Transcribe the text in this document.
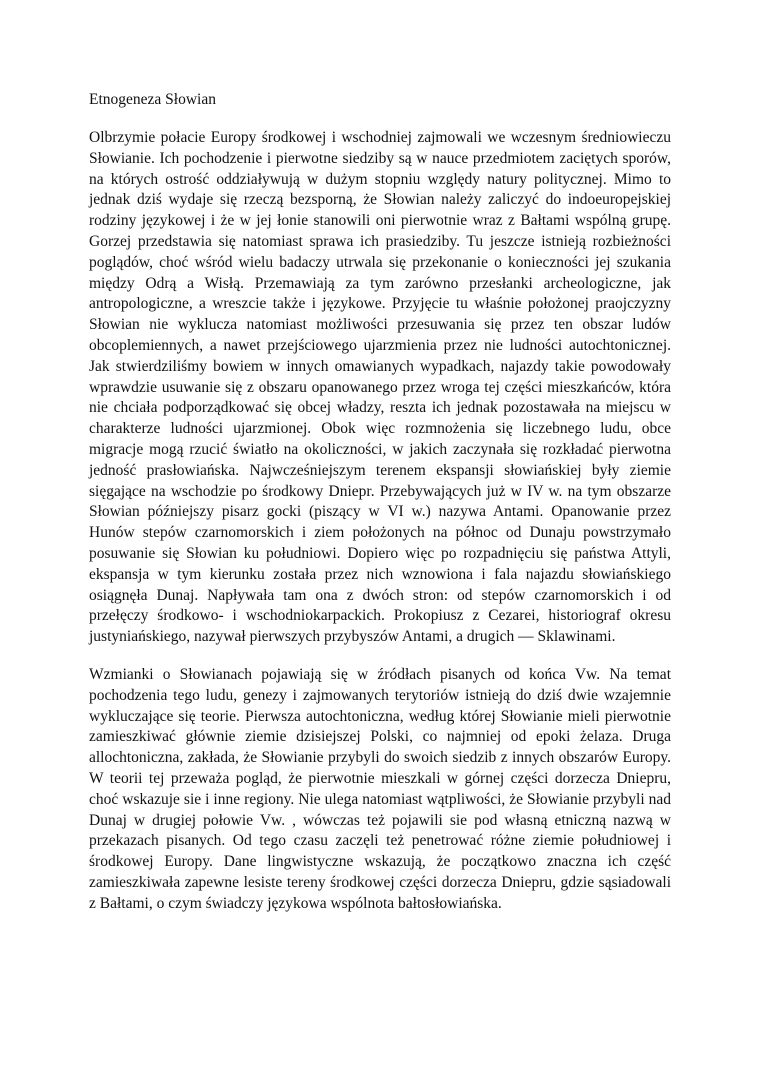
Etnogeneza Słowian

Olbrzymie połacie Europy środkowej i wschodniej zajmowali we wczesnym średniowieczu Słowianie. Ich pochodzenie i pierwotne siedziby są w nauce przedmiotem zaciętych sporów, na których ostrość oddziaływują w dużym stopniu względy natury politycznej. Mimo to jednak dziś wydaje się rzeczą bezsporną, że Słowian należy zaliczyć do indoeuropejskiej rodziny językowej i że w jej łonie stanowili oni pierwotnie wraz z Bałtami wspólną grupę. Gorzej przedstawia się natomiast sprawa ich prasiedziby. Tu jeszcze istnieją rozbieżności poglądów, choć wśród wielu badaczy utrwala się przekonanie o konieczności jej szukania między Odrą a Wisłą. Przemawiają za tym zarówno przesłanki archeologiczne, jak antropologiczne, a wreszcie także i językowe. Przyjęcie tu właśnie położonej praojczyzny Słowian nie wyklucza natomiast możliwości przesuwania się przez ten obszar ludów obcoplemiennych, a nawet przejściowego ujarzmienia przez nie ludności autochtonicznej. Jak stwierdziliśmy bowiem w innych omawianych wypadkach, najazdy takie powodowały wprawdzie usuwanie się z obszaru opanowanego przez wroga tej części mieszkańców, która nie chciała podporządkować się obcej władzy, reszta ich jednak pozostawała na miejscu w charakterze ludności ujarzmionej. Obok więc rozmnożenia się liczebnego ludu, obce migracje mogą rzucić światło na okoliczności, w jakich zaczynała się rozkładać pierwotna jedność prasłowiańska. Najwcześniejszym terenem ekspansji słowiańskiej były ziemie sięgające na wschodzie po środkowy Dniepr. Przebywających już w IV w. na tym obszarze Słowian późniejszy pisarz gocki (piszący w VI w.) nazywa Antami. Opanowanie przez Hunów stepów czarnomorskich i ziem położonych na północ od Dunaju powstrzymało posuwanie się Słowian ku południowi. Dopiero więc po rozpadnięciu się państwa Attyli, ekspansja w tym kierunku została przez nich wznowiona i fala najazdu słowiańskiego osiągnęła Dunaj. Napływała tam ona z dwóch stron: od stepów czarnomorskich i od przełęczy środkowo- i wschodniokarpackich. Prokopiusz z Cezarei, historiograf okresu justyniańskiego, nazywał pierwszych przybyszów Antami, a drugich — Sklawinami.

Wzmianki o Słowianach pojawiają się w źródłach pisanych od końca Vw. Na temat pochodzenia tego ludu, genezy i zajmowanych terytoriów istnieją do dziś dwie wzajemnie wykluczające się teorie. Pierwsza autochtoniczna, według której Słowianie mieli pierwotnie zamieszkiwać głównie ziemie dzisiejszej Polski, co najmniej od epoki żelaza. Druga allochtoniczna, zakłada, że Słowianie przybyli do swoich siedzib z innych obszarów Europy. W teorii tej przeważa pogląd, że pierwotnie mieszkali w górnej części dorzecza Dniepru, choć wskazuje sie i inne regiony. Nie ulega natomiast wątpliwości, że Słowianie przybyli nad Dunaj w drugiej połowie Vw. , wówczas też pojawili sie pod własną etniczną nazwą w przekazach pisanych. Od tego czasu zaczęli też penetrować różne ziemie południowej i środkowej Europy. Dane lingwistyczne wskazują, że początkowo znaczna ich część zamieszkiwała zapewne lesiste tereny środkowej części dorzecza Dniepru, gdzie sąsiadowali z Bałtami, o czym świadczy językowa wspólnota bałtosłowiańska.
